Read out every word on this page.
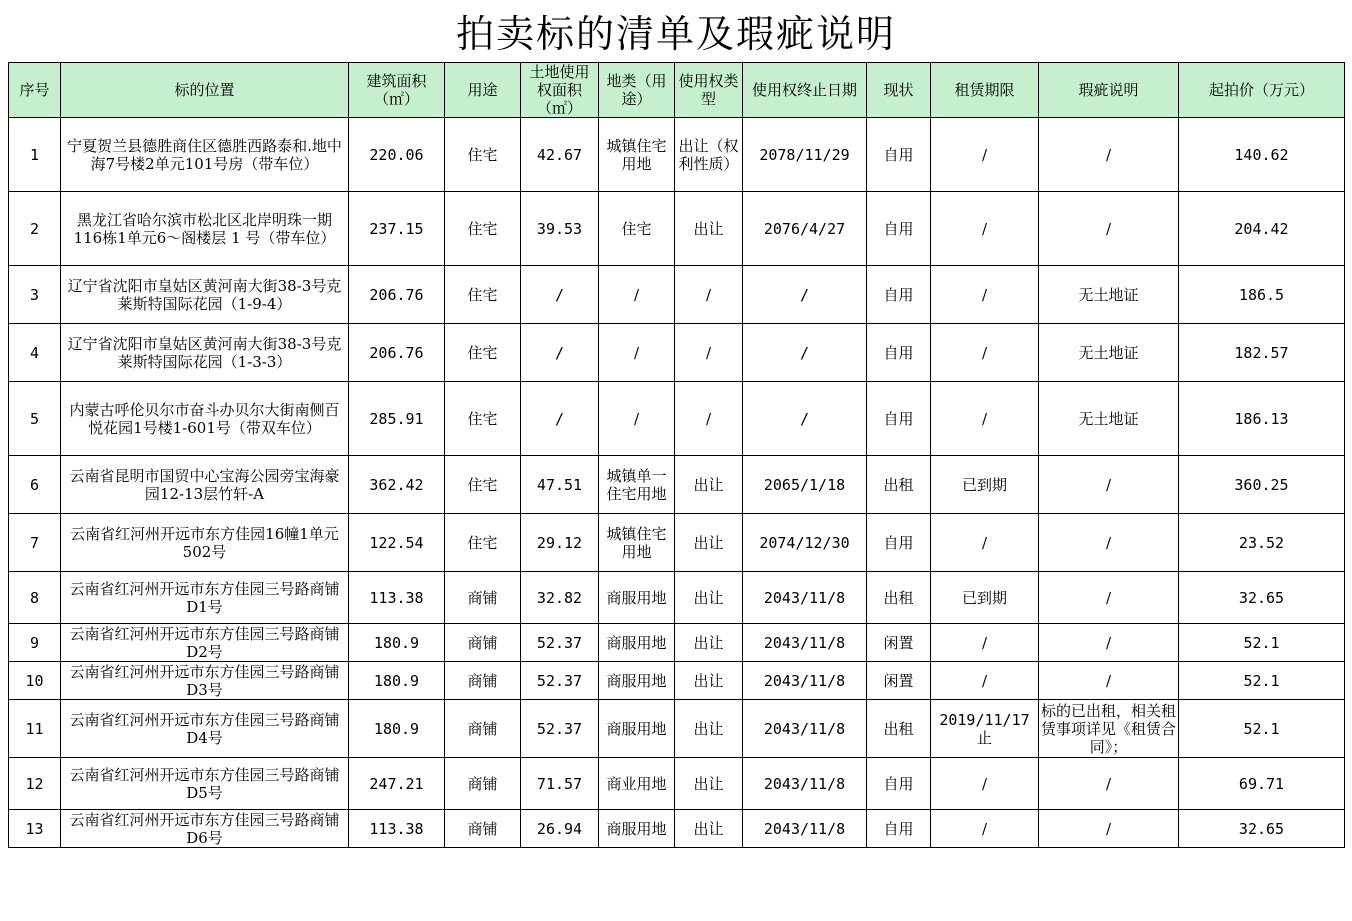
拍卖标的清单及瑕疵说明
序号	标的位置	建筑面积（㎡）	用途	土地使用权面积（㎡）	地类（用途）	使用权类型	使用权终止日期	现状	租赁期限	瑕疵说明	起拍价（万元）
1	宁夏贺兰县德胜商住区德胜西路泰和.地中海7号楼2单元101号房（带车位）	220.06	住宅	42.67	城镇住宅用地	出让（权利性质）	2078/11/29	自用	/	/	140.62
2	黑龙江省哈尔滨市松北区北岸明珠一期116栋1单元6～阁楼层 1 号（带车位）	237.15	住宅	39.53	住宅	出让	2076/4/27	自用	/	/	204.42
3	辽宁省沈阳市皇姑区黄河南大街38-3号克莱斯特国际花园（1-9-4）	206.76	住宅	/	/	/	/	自用	/	无土地证	186.5
4	辽宁省沈阳市皇姑区黄河南大街38-3号克莱斯特国际花园（1-3-3）	206.76	住宅	/	/	/	/	自用	/	无土地证	182.57
5	内蒙古呼伦贝尔市奋斗办贝尔大街南侧百悦花园1号楼1-601号（带双车位）	285.91	住宅	/	/	/	/	自用	/	无土地证	186.13
6	云南省昆明市国贸中心宝海公园旁宝海豪园12-13层竹轩-A	362.42	住宅	47.51	城镇单一住宅用地	出让	2065/1/18	出租	已到期	/	360.25
7	云南省红河州开远市东方佳园16幢1单元502号	122.54	住宅	29.12	城镇住宅用地	出让	2074/12/30	自用	/	/	23.52
8	云南省红河州开远市东方佳园三号路商铺D1号	113.38	商铺	32.82	商服用地	出让	2043/11/8	出租	已到期	/	32.65
9	云南省红河州开远市东方佳园三号路商铺D2号	180.9	商铺	52.37	商服用地	出让	2043/11/8	闲置	/	/	52.1
10	云南省红河州开远市东方佳园三号路商铺D3号	180.9	商铺	52.37	商服用地	出让	2043/11/8	闲置	/	/	52.1
11	云南省红河州开远市东方佳园三号路商铺D4号	180.9	商铺	52.37	商服用地	出让	2043/11/8	出租	2019/11/17止	标的已出租，相关租赁事项详见《租赁合同》；	52.1
12	云南省红河州开远市东方佳园三号路商铺D5号	247.21	商铺	71.57	商业用地	出让	2043/11/8	自用	/	/	69.71
13	云南省红河州开远市东方佳园三号路商铺D6号	113.38	商铺	26.94	商服用地	出让	2043/11/8	自用	/	/	32.65
